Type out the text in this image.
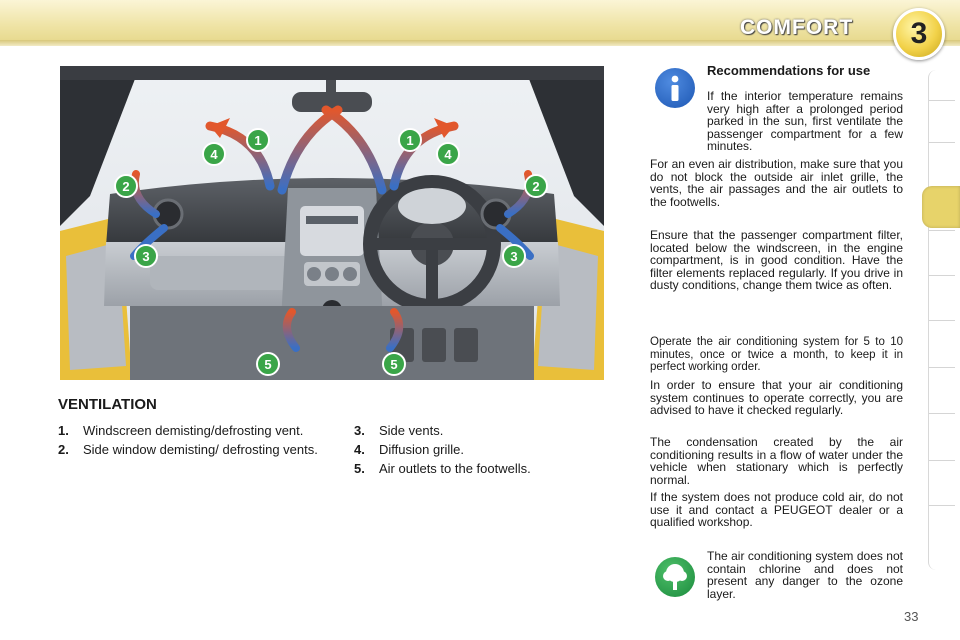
COMFORT	3
1	1
2	2
3	3
4	4
5	5
VENTILATION
1. Windscreen demisting/defrosting vent.
2. Side window demisting/ defrosting vents.
3. Side vents.
4. Diffusion grille.
5. Air outlets to the footwells.
Recommendations for use

If the interior temperature remains very high after a prolonged period parked in the sun, first ventilate the passenger compartment for a few minutes.

For an even air distribution, make sure that you do not block the outside air inlet grille, the vents, the air passages and the air outlets to the footwells.

Ensure that the passenger compartment filter, located below the windscreen, in the engine compartment, is in good condition. Have the filter elements replaced regularly. If you drive in dusty conditions, change them twice as often.

Operate the air conditioning system for 5 to 10 minutes, once or twice a month, to keep it in perfect working order.

In order to ensure that your air conditioning system continues to operate correctly, you are advised to have it checked regularly.

The condensation created by the air conditioning results in a flow of water under the vehicle when stationary which is perfectly normal.

If the system does not produce cold air, do not use it and contact a PEUGEOT dealer or a qualified workshop.

The air conditioning system does not contain chlorine and does not present any danger to the ozone layer.

33
